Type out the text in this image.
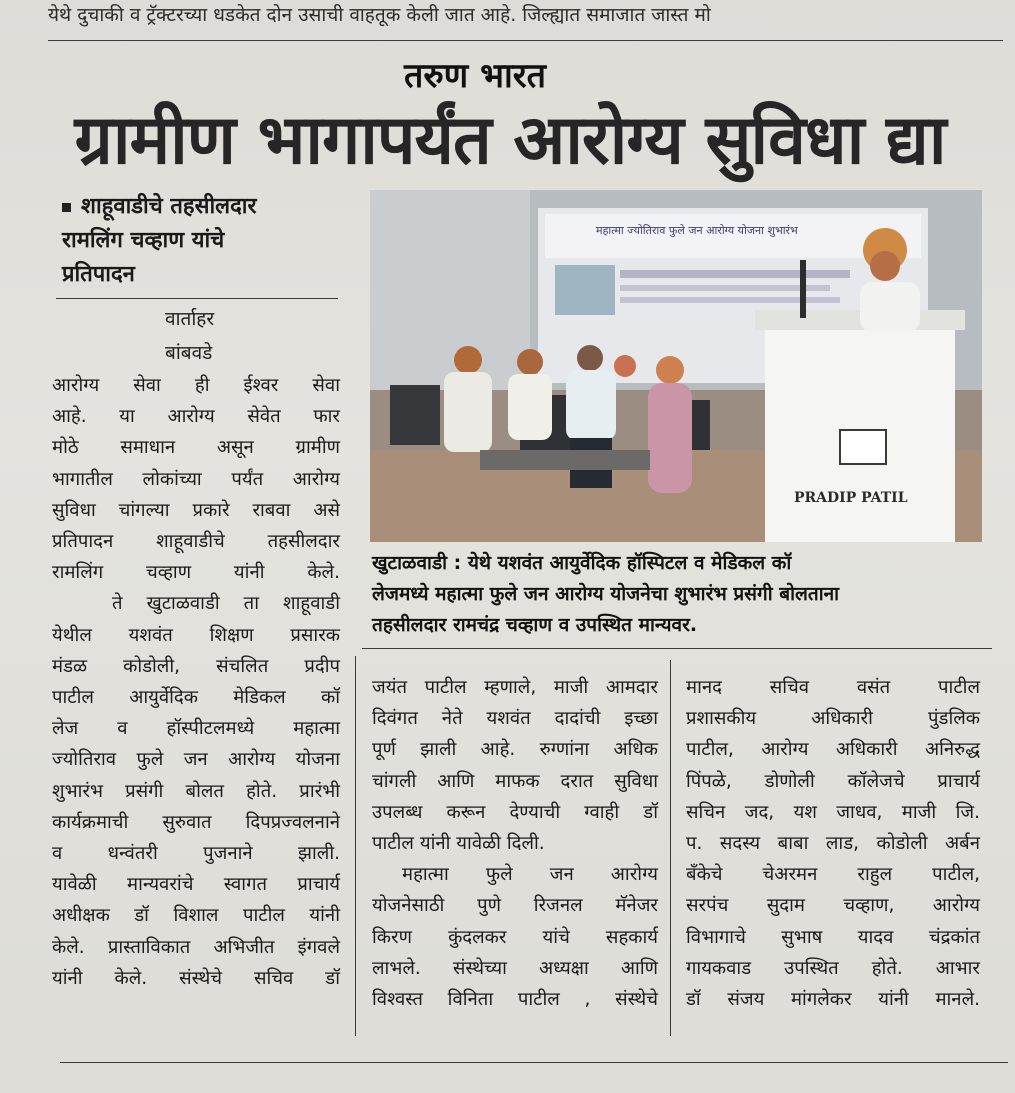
येथे दुचाकी व ट्रॅक्टरच्या धडकेत दोन उसाची वाहतूक केली जात आहे. जिल्ह्यात समाजात जास्त मो
तरुण भारत
ग्रामीण भागापर्यंत आरोग्य सुविधा द्या
शाहूवाडीचे तहसीलदार
रामलिंग चव्हाण यांचे
प्रतिपादन
वार्ताहर
बांबवडे

आरोग्य सेवा ही ईश्वर सेवा

आहे. या आरोग्य सेवेत फार

मोठे समाधान असून ग्रामीण

भागातील लोकांच्या पर्यंत आरोग्य

सुविधा चांगल्या प्रकारे राबवा असे

प्रतिपादन शाहूवाडीचे तहसीलदार

रामलिंग चव्हाण यांनी केले.

ते खुटाळवाडी ता शाहूवाडी

येथील यशवंत शिक्षण प्रसारक

मंडळ कोडोली, संचलित प्रदीप

पाटील आयुर्वेदिक मेडिकल कॉ

लेज व हॉस्पीटलमध्ये महात्मा

ज्योतिराव फुले जन आरोग्य योजना

शुभारंभ प्रसंगी बोलत होते. प्रारंभी

कार्यक्रमाची सुरुवात दिपप्रज्वलनाने

व धन्वंतरी पुजनाने झाली.

यावेळी मान्यवरांचे स्वागत प्राचार्य

अधीक्षक डॉ विशाल पाटील यांनी

केले. प्रास्ताविकात अभिजीत इंगवले

यांनी केले. संस्थेचे सचिव डॉ

महात्मा ज्योतिराव फुले जन आरोग्य योजना शुभारंभ
PRADIP PATIL

खुटाळवाडी : येथे यशवंत आयुर्वेदिक हॉस्पिटल व मेडिकल कॉ

लेजमध्ये महात्मा फुले जन आरोग्य योजनेचा शुभारंभ प्रसंगी बोलताना

तहसीलदार रामचंद्र चव्हाण व उपस्थित मान्यवर.

जयंत पाटील म्हणाले, माजी आमदार

दिवंगत नेते यशवंत दादांची इच्छा

पूर्ण झाली आहे. रुग्णांना अधिक

चांगली आणि माफक दरात सुविधा

उपलब्ध करून देण्याची ग्वाही डॉ

पाटील यांनी यावेळी दिली.

महात्मा फुले जन आरोग्य

योजनेसाठी पुणे रिजनल मॅनेजर

किरण कुंदलकर यांचे सहकार्य

लाभले. संस्थेच्या अध्यक्षा आणि

विश्वस्त विनिता पाटील , संस्थेचे

मानद सचिव वसंत पाटील

प्रशासकीय अधिकारी पुंडलिक

पाटील, आरोग्य अधिकारी अनिरुद्ध

पिंपळे, डोणोली कॉलेजचे प्राचार्य

सचिन जद, यश जाधव, माजी जि.

प. सदस्य बाबा लाड, कोडोली अर्बन

बँकेचे चेअरमन राहुल पाटील,

सरपंच सुदाम चव्हाण, आरोग्य

विभागाचे सुभाष यादव चंद्रकांत

गायकवाड उपस्थित होते. आभार

डॉ संजय मांगलेकर यांनी मानले.
